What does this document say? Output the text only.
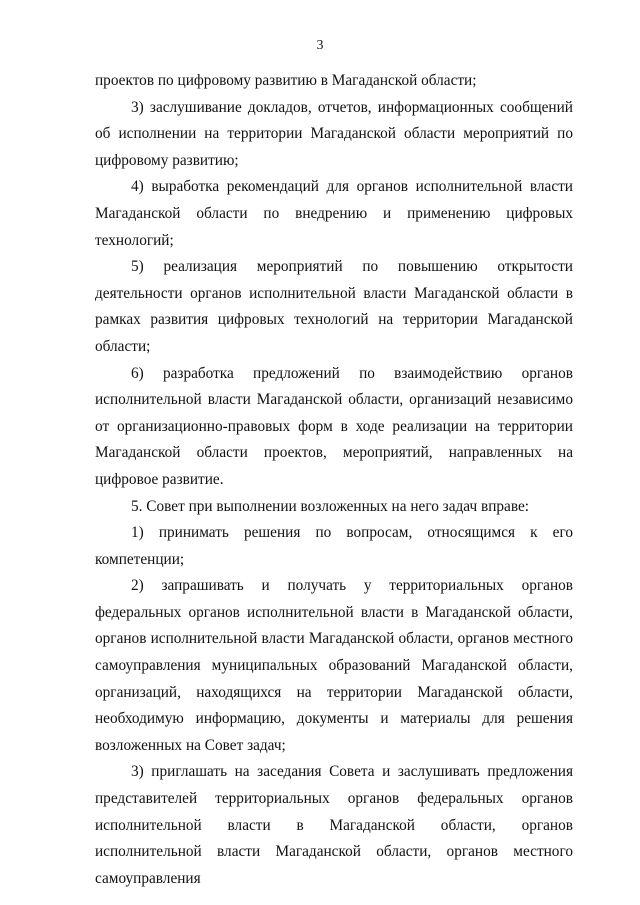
3

проектов по цифровому развитию в Магаданской области;

3) заслушивание докладов, отчетов, информационных сообщений об исполнении на территории Магаданской области мероприятий по цифровому развитию;

4) выработка рекомендаций для органов исполнительной власти Магаданской области по внедрению и применению цифровых технологий;

5) реализация мероприятий по повышению открытости деятельности органов исполнительной власти Магаданской области в рамках развития цифровых технологий на территории Магаданской области;

6) разработка предложений по взаимодействию органов исполнительной власти Магаданской области, организаций независимо от организационно-правовых форм в ходе реализации на территории Магаданской области проектов, мероприятий, направленных на цифровое развитие.

5. Совет при выполнении возложенных на него задач вправе:

1) принимать решения по вопросам, относящимся к его компетенции;

2) запрашивать и получать у территориальных органов федеральных органов исполнительной власти в Магаданской области, органов исполнительной власти Магаданской области, органов местного самоуправления муниципальных образований Магаданской области, организаций, находящихся на территории Магаданской области, необходимую информацию, документы и материалы для решения возложенных на Совет задач;

3) приглашать на заседания Совета и заслушивать предложения представителей территориальных органов федеральных органов исполнительной власти в Магаданской области, органов исполнительной власти Магаданской области, органов местного самоуправления
